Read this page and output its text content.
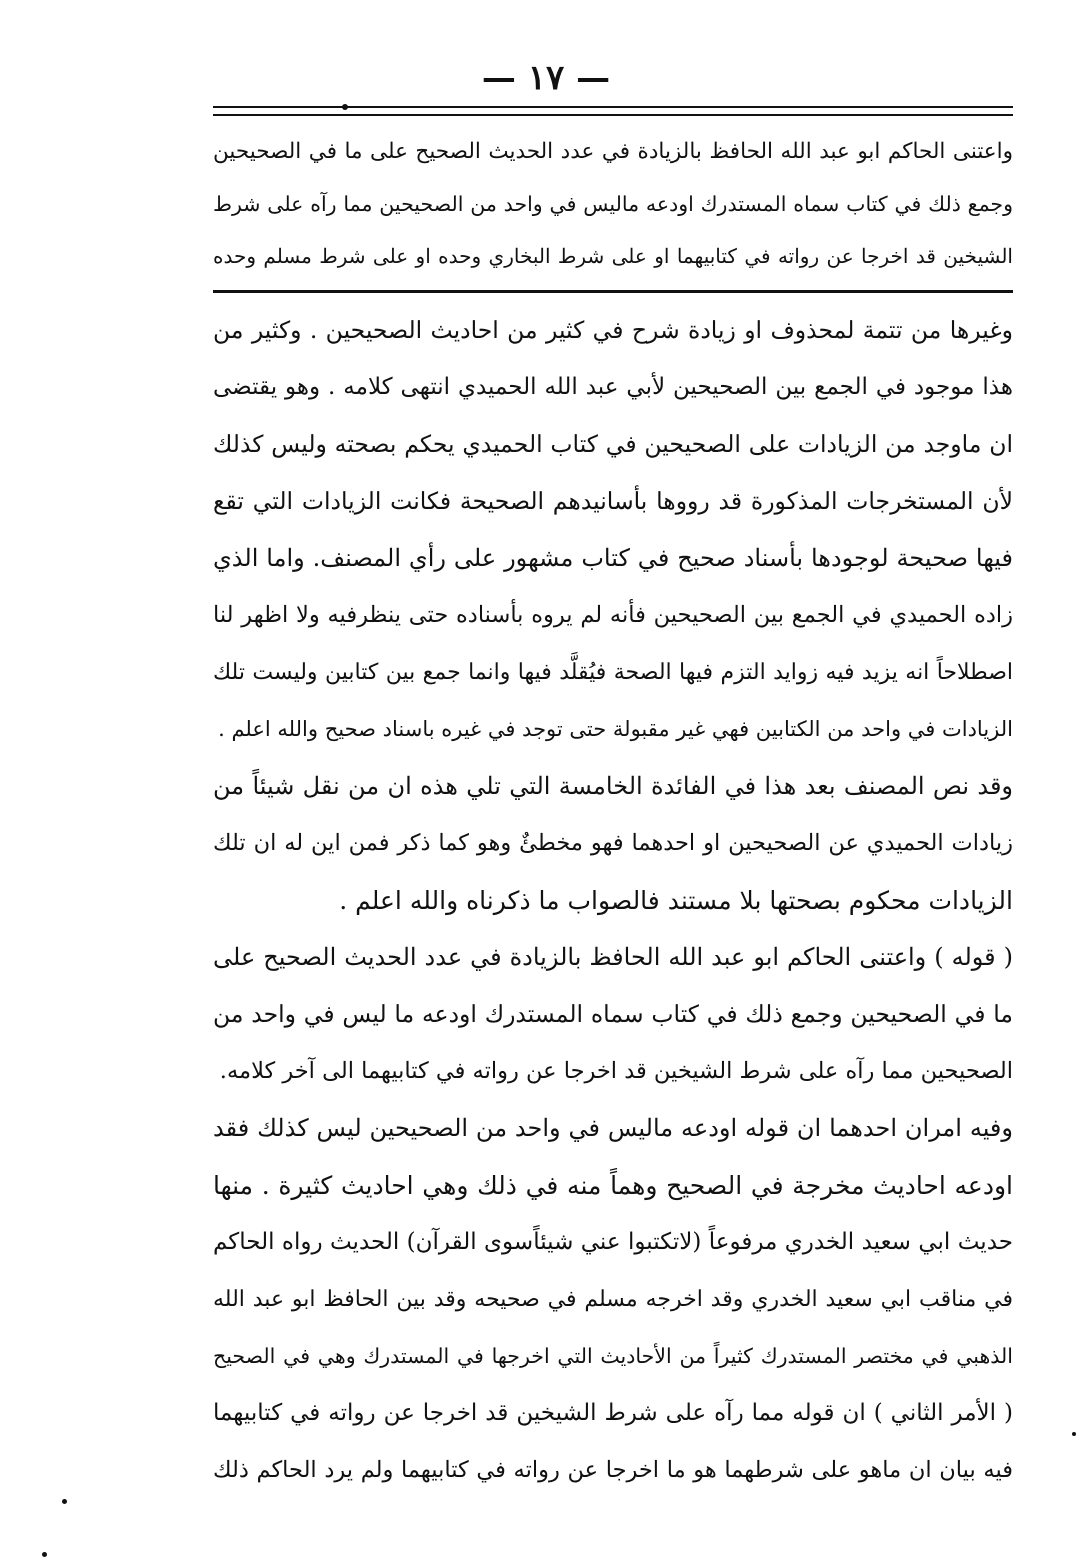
— ١٧ —
واعتنى الحاكم ابو عبد الله الحافظ بالزيادة في عدد الحديث الصحيح على ما في الصحيحين
وجمع ذلك في كتاب سماه المستدرك اودعه ماليس في واحد من الصحيحين مما رآه على شرط
الشيخين قد اخرجا عن رواته في كتابيهما او على شرط البخاري وحده او على شرط مسلم وحده
وغيرها من تتمة لمحذوف او زيادة شرح في كثير من احاديث الصحيحين . وكثير من
هذا موجود في الجمع بين الصحيحين لأبي عبد الله الحميدي انتهى كلامه . وهو يقتضى
ان ماوجد من الزيادات على الصحيحين في كتاب الحميدي يحكم بصحته وليس كذلك
لأن المستخرجات المذكورة قد رووها بأسانيدهم الصحيحة فكانت الزيادات التي تقع
فيها صحيحة لوجودها بأسناد صحيح في كتاب مشهور على رأي المصنف. واما الذي
زاده الحميدي في الجمع بين الصحيحين فأنه لم يروه بأسناده حتى ينظرفيه ولا اظهر لنا
اصطلاحاً انه يزيد فيه زوايد التزم فيها الصحة فيُقلَّد فيها وانما جمع بين كتابين وليست تلك
الزيادات في واحد من الكتابين فهي غير مقبولة حتى توجد في غيره باسناد صحيح والله اعلم .
وقد نص المصنف بعد هذا في الفائدة الخامسة التي تلي هذه ان من نقل شيئاً من
زيادات الحميدي عن الصحيحين او احدهما فهو مخطئٌ وهو كما ذكر فمن اين له ان تلك
الزيادات محكوم بصحتها بلا مستند فالصواب ما ذكرناه والله اعلم .
( قوله ) واعتنى الحاكم ابو عبد الله الحافظ بالزيادة في عدد الحديث الصحيح على
ما في الصحيحين وجمع ذلك في كتاب سماه المستدرك اودعه ما ليس في واحد من
الصحيحين مما رآه على شرط الشيخين قد اخرجا عن رواته في كتابيهما الى آخر كلامه.
وفيه امران احدهما ان قوله اودعه ماليس في واحد من الصحيحين ليس كذلك فقد
اودعه احاديث مخرجة في الصحيح وهماً منه في ذلك وهي احاديث كثيرة . منها
حديث ابي سعيد الخدري مرفوعاً (لاتكتبوا عني شيئاًسوى القرآن) الحديث رواه الحاكم
في مناقب ابي سعيد الخدري وقد اخرجه مسلم في صحيحه وقد بين الحافظ ابو عبد الله
الذهبي في مختصر المستدرك كثيراً من الأحاديث التي اخرجها في المستدرك وهي في الصحيح
( الأمر الثاني ) ان قوله مما رآه على شرط الشيخين قد اخرجا عن رواته في كتابيهما
فيه بيان ان ماهو على شرطهما هو ما اخرجا عن رواته في كتابيهما ولم يرد الحاكم ذلك
